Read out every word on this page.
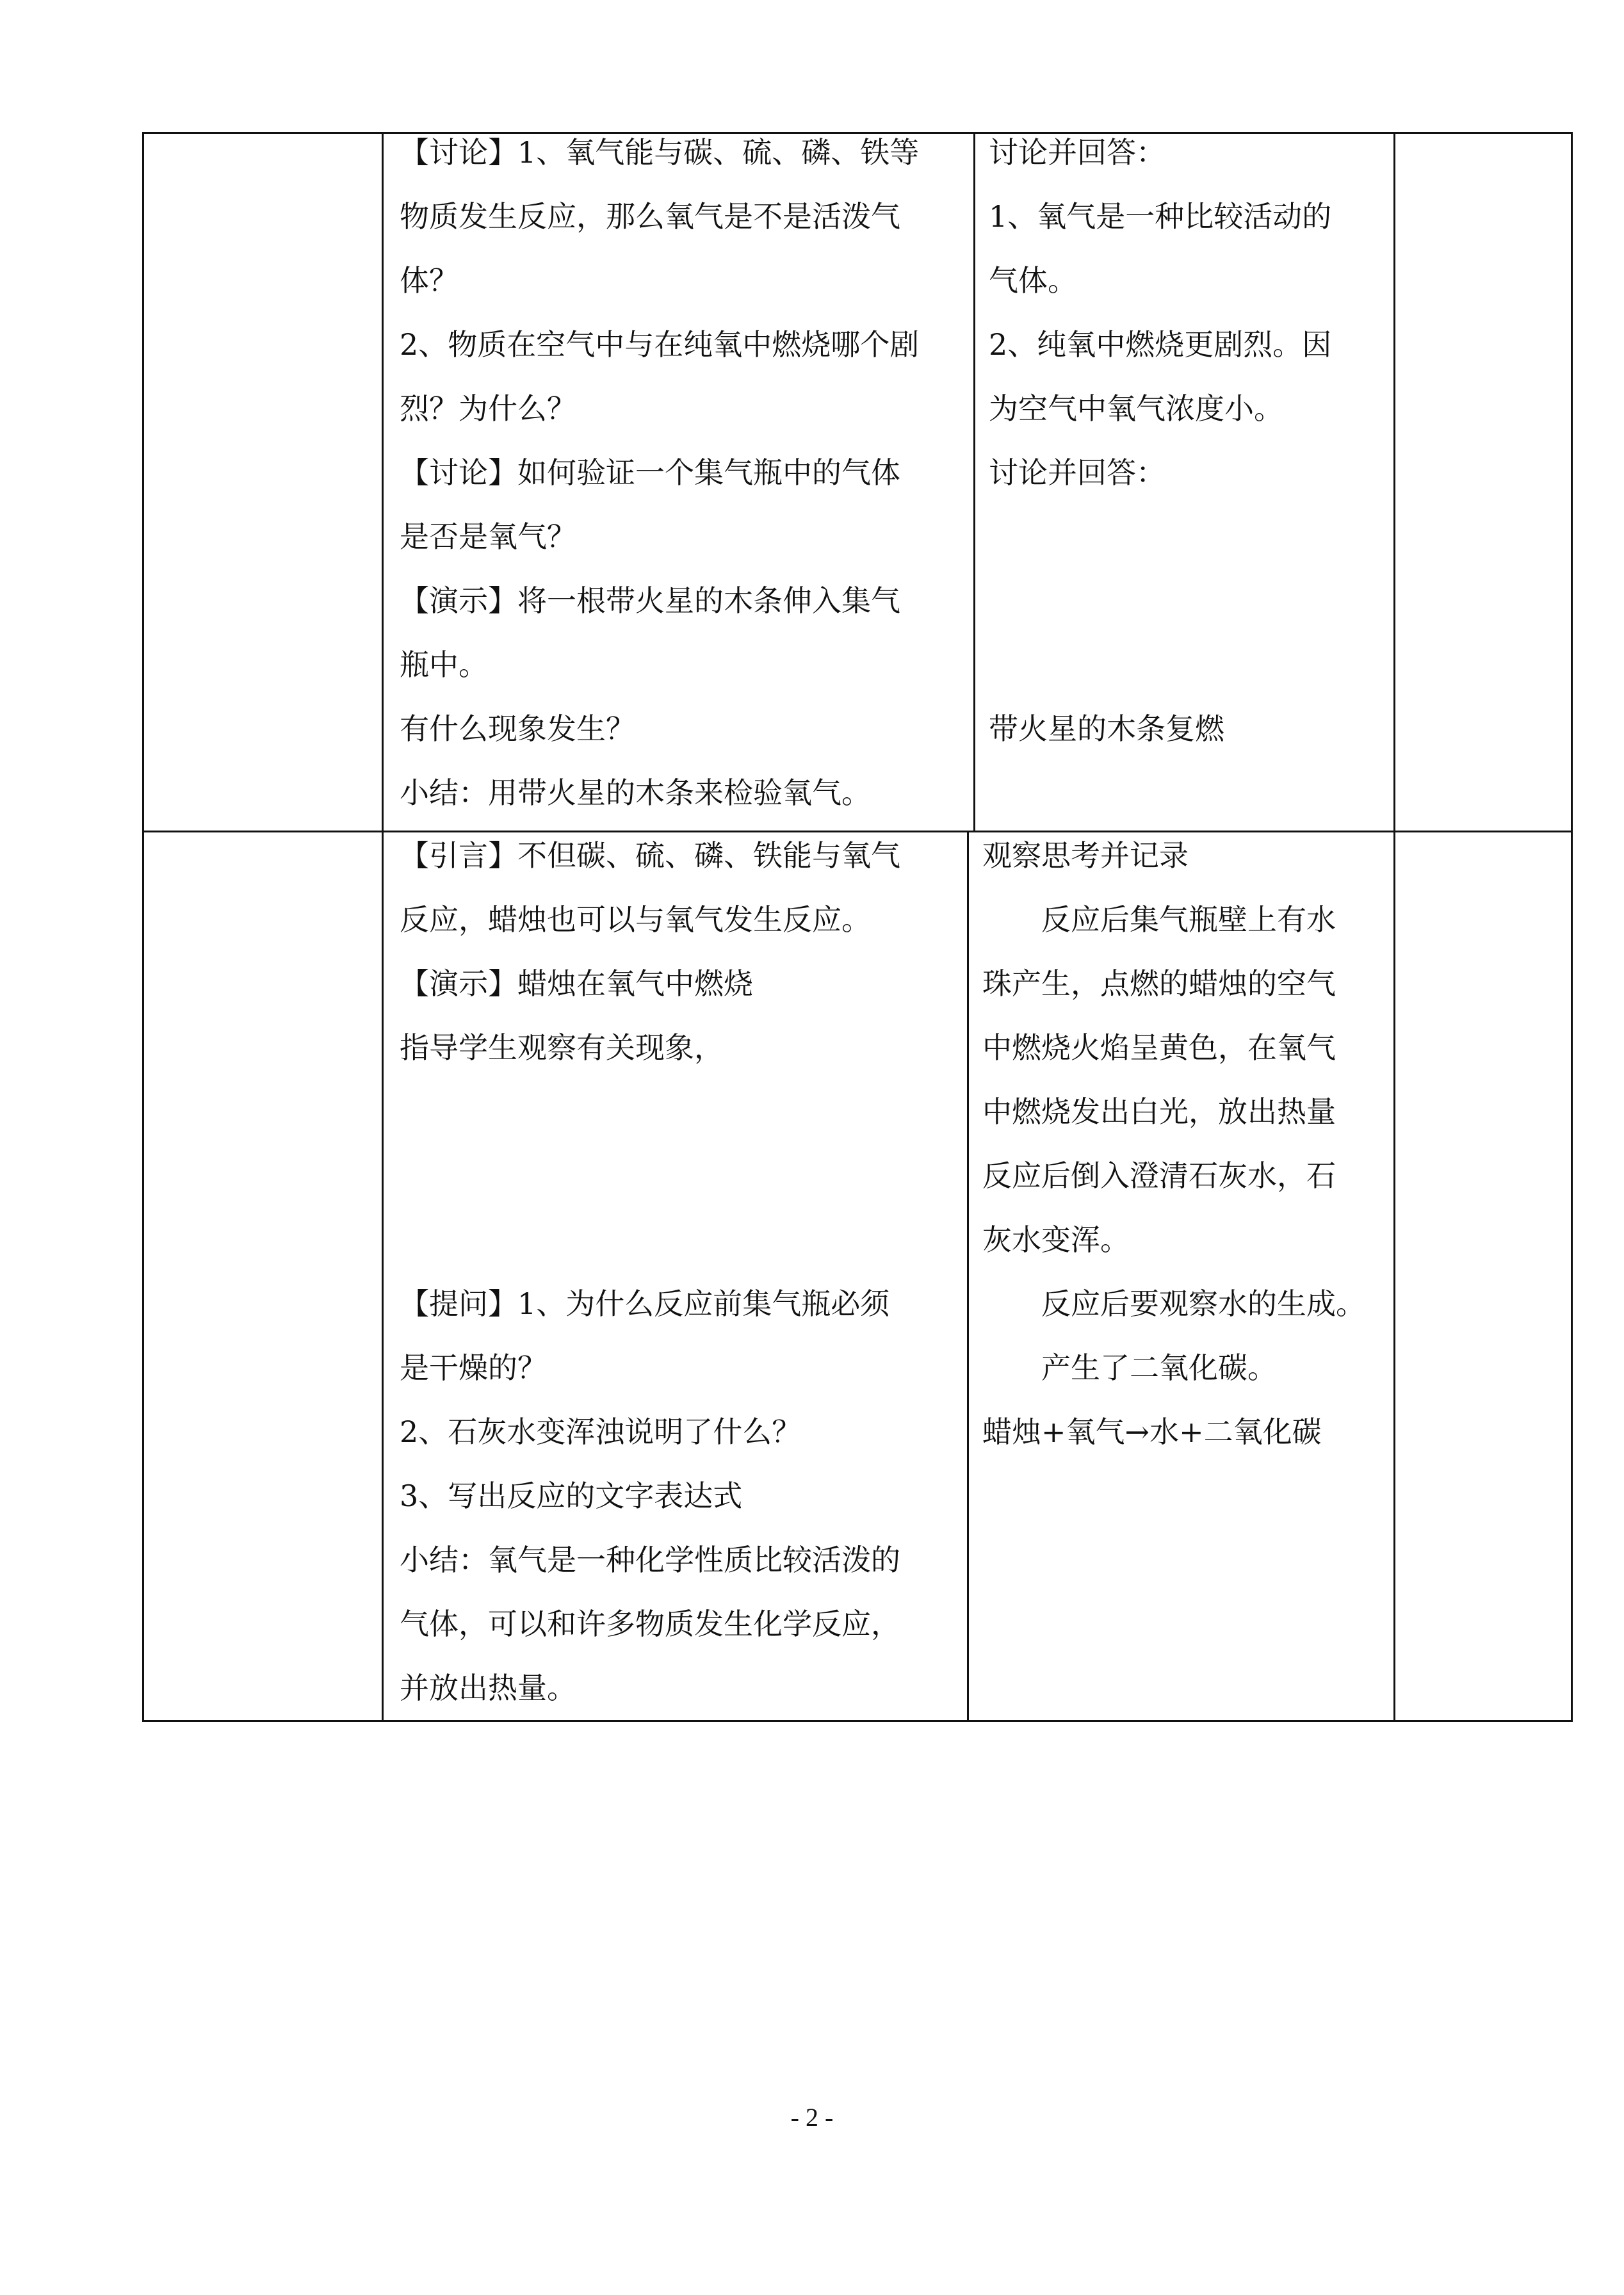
【讨论】1、氧气能与碳、硫、磷、铁等
物质发生反应，那么氧气是不是活泼气
体？
2、物质在空气中与在纯氧中燃烧哪个剧
烈？为什么？
【讨论】如何验证一个集气瓶中的气体
是否是氧气？
【演示】将一根带火星的木条伸入集气
瓶中。
有什么现象发生？
小结：用带火星的木条来检验氧气。
讨论并回答：
1、氧气是一种比较活动的
气体。
2、纯氧中燃烧更剧烈。因
为空气中氧气浓度小。
讨论并回答：
带火星的木条复燃
【引言】不但碳、硫、磷、铁能与氧气
反应，蜡烛也可以与氧气发生反应。
【演示】蜡烛在氧气中燃烧
指导学生观察有关现象，
【提问】1、为什么反应前集气瓶必须
是干燥的？
2、石灰水变浑浊说明了什么？
3、写出反应的文字表达式
小结：氧气是一种化学性质比较活泼的
气体，可以和许多物质发生化学反应，
并放出热量。
观察思考并记录
反应后集气瓶壁上有水
珠产生，点燃的蜡烛的空气
中燃烧火焰呈黄色，在氧气
中燃烧发出白光，放出热量
反应后倒入澄清石灰水，石
灰水变浑。
反应后要观察水的生成。
产生了二氧化碳。
蜡烛+氧气→水+二氧化碳
- 2 -
